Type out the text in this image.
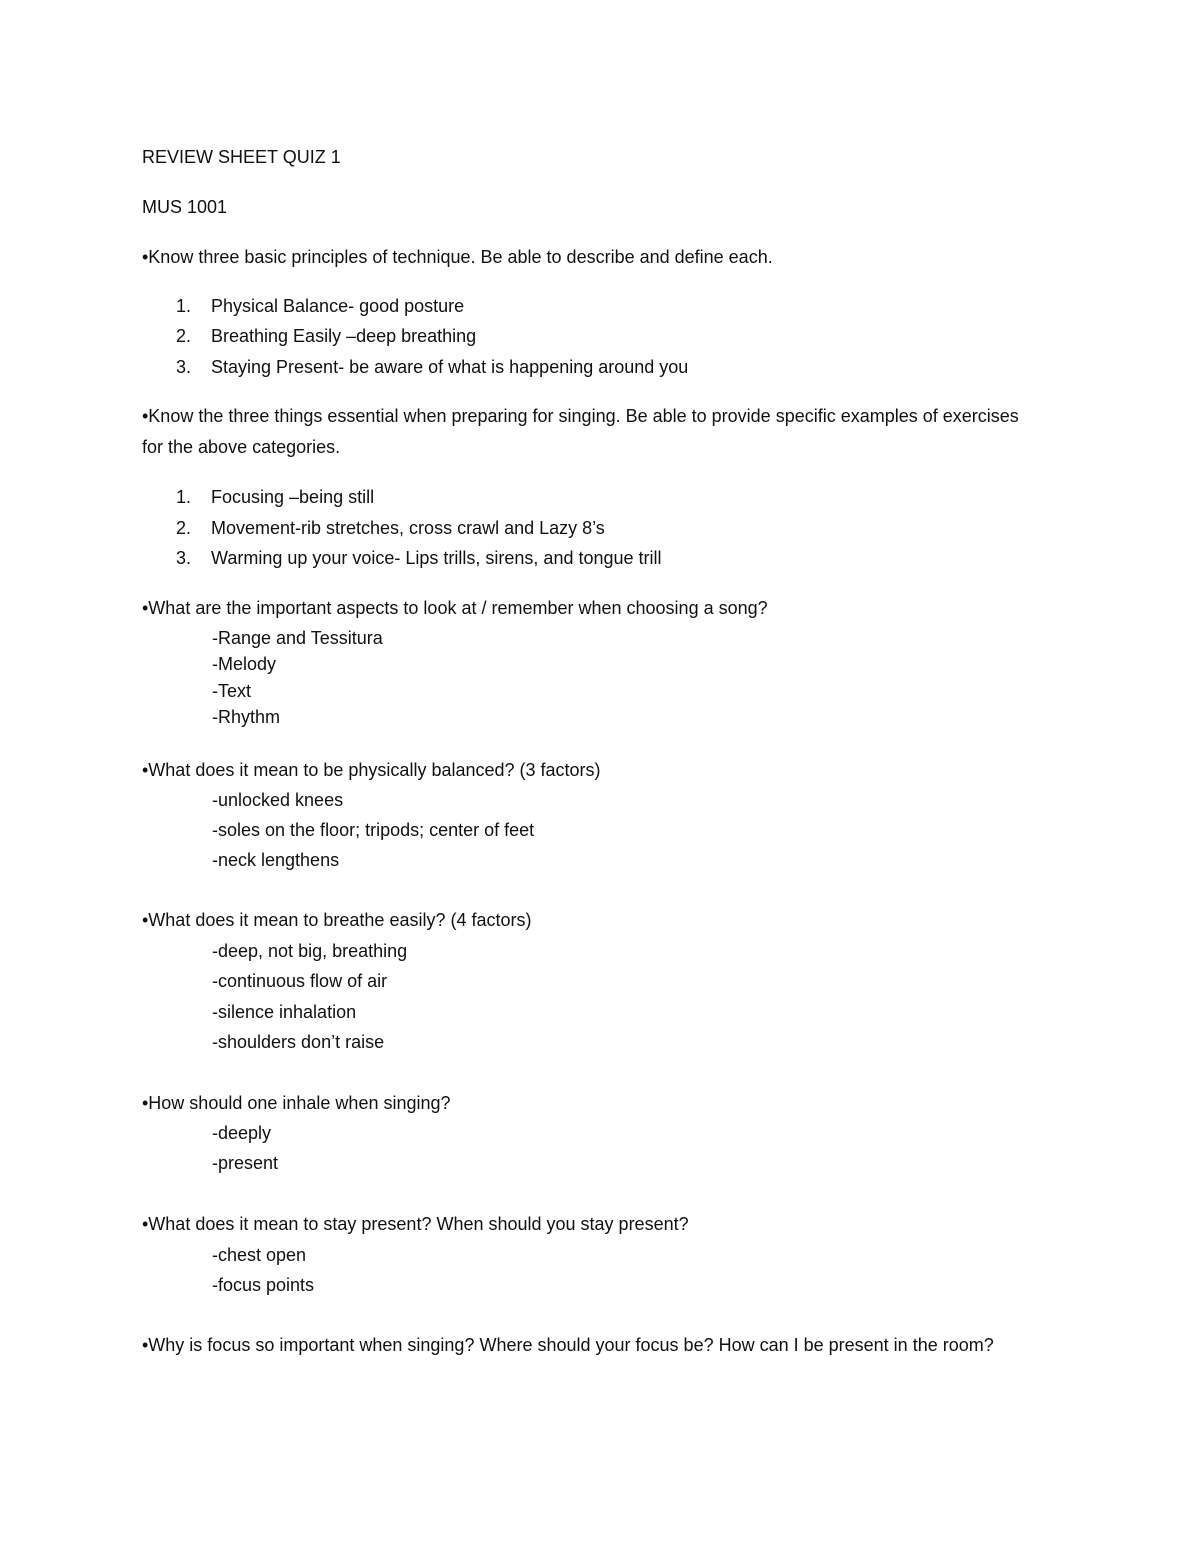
REVIEW SHEET QUIZ 1
MUS 1001
•Know three basic principles of technique. Be able to describe and define each.
1. Physical Balance- good posture
2. Breathing Easily –deep breathing
3. Staying Present- be aware of what is happening around you
•Know the three things essential when preparing for singing. Be able to provide specific examples of exercises for the above categories.
1. Focusing –being still
2. Movement-rib stretches, cross crawl and Lazy 8’s
3. Warming up your voice- Lips trills, sirens, and tongue trill
•What are the important aspects to look at / remember when choosing a song?
-Range and Tessitura
-Melody
-Text
-Rhythm
•What does it mean to be physically balanced? (3 factors)
-unlocked knees
-soles on the floor; tripods; center of feet
-neck lengthens
•What does it mean to breathe easily? (4 factors)
-deep, not big, breathing
-continuous flow of air
-silence inhalation
-shoulders don’t raise
•How should one inhale when singing?
-deeply
-present
•What does it mean to stay present? When should you stay present?
-chest open
-focus points
•Why is focus so important when singing? Where should your focus be? How can I be present in the room?
